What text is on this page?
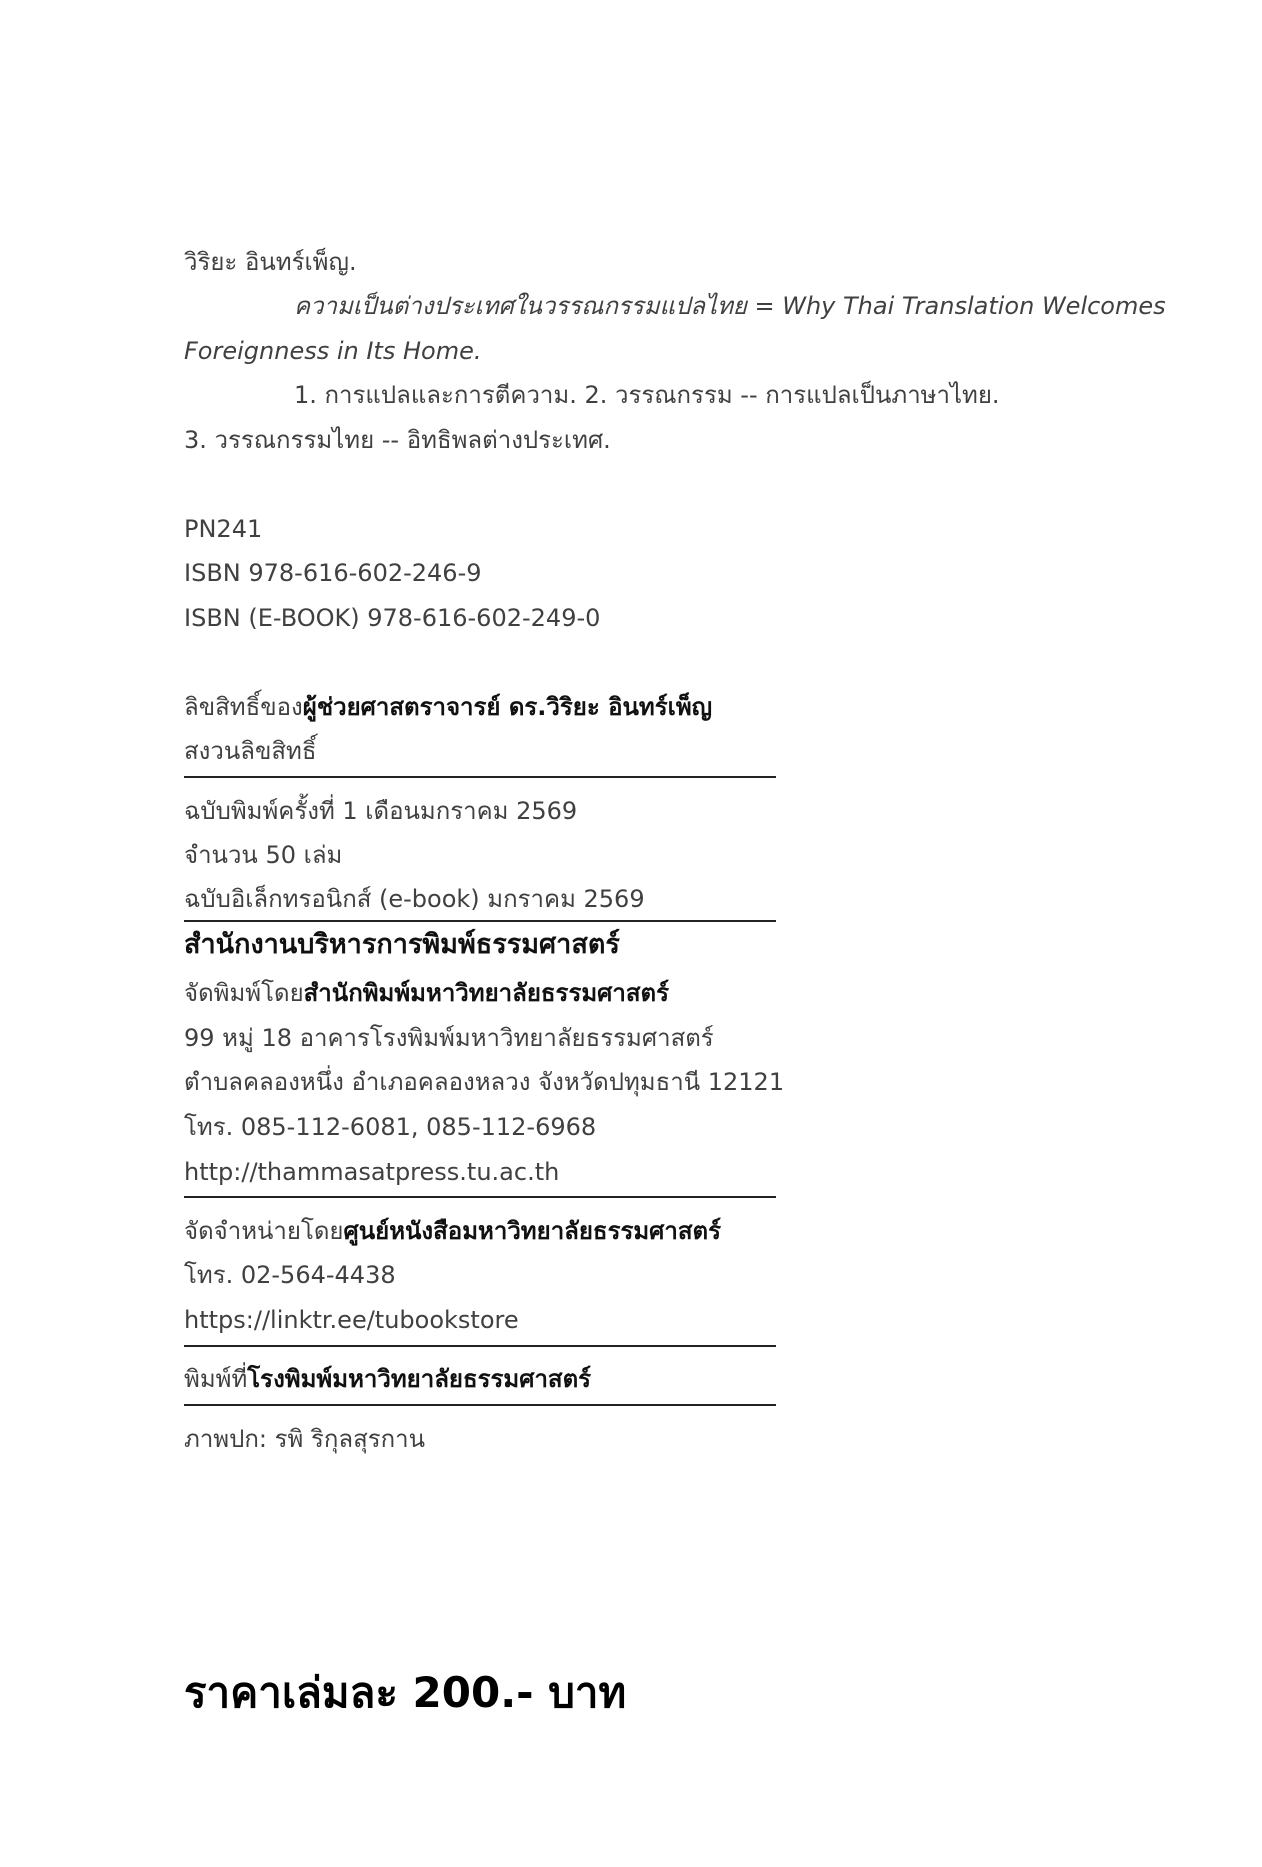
วิริยะ อินทร์เพ็ญ.
ความเป็นต่างประเทศในวรรณกรรมแปลไทย = Why Thai Translation Welcomes
Foreignness in Its Home.
1. การแปลและการตีความ. 2. วรรณกรรม -- การแปลเป็นภาษาไทย.
3. วรรณกรรมไทย -- อิทธิพลต่างประเทศ.
PN241
ISBN 978-616-602-246-9
ISBN (E-BOOK) 978-616-602-249-0
ลิขสิทธิ์ของผู้ช่วยศาสตราจารย์ ดร.วิริยะ อินทร์เพ็ญ
สงวนลิขสิทธิ์
ฉบับพิมพ์ครั้งที่ 1 เดือนมกราคม 2569
จำนวน 50 เล่ม
ฉบับอิเล็กทรอนิกส์ (e-book) มกราคม 2569
สำนักงานบริหารการพิมพ์ธรรมศาสตร์
จัดพิมพ์โดยสำนักพิมพ์มหาวิทยาลัยธรรมศาสตร์
99 หมู่ 18 อาคารโรงพิมพ์มหาวิทยาลัยธรรมศาสตร์
ตำบลคลองหนึ่ง อำเภอคลองหลวง จังหวัดปทุมธานี 12121
โทร. 085-112-6081, 085-112-6968
http://thammasatpress.tu.ac.th
จัดจำหน่ายโดยศูนย์หนังสือมหาวิทยาลัยธรรมศาสตร์
โทร. 02-564-4438
https://linktr.ee/tubookstore
พิมพ์ที่โรงพิมพ์มหาวิทยาลัยธรรมศาสตร์
ภาพปก: รพิ ริกุลสุรกาน
ราคาเล่มละ 200.- บาท
